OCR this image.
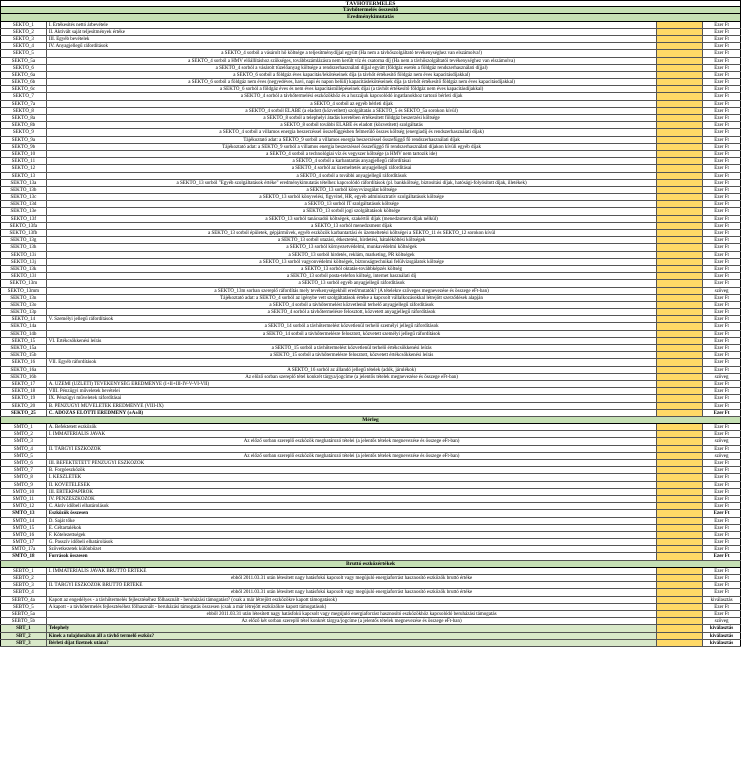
TÁVHŐTERMELÉS
Távhőtermelés összesítő
Eredménykimutatás
SEKTÓ_1	I. Értékesítés nettó árbevétele	Ezer Ft
SEKTÓ_2	II. Aktivált saját teljesítmények értéke	Ezer Ft
SEKTÓ_3	III. Egyéb bevételek	Ezer Ft
SEKTÓ_4	IV. Anyagjellegű ráfordítások	Ezer Ft
SEKTÓ_5	a SEKTÓ_4 sorból a vásárolt hő költsége a teljesítménydíjjal együtt (Ha nem a távhőszolgáltató tevékenységhez van elszámolva!)	Ezer Ft
SEKTÓ_5a	a SEKTÓ_4 sorból a HMV előállításhoz szükséges, továbbszámlázásra nem került víz és csatorna díj (Ha nem a távhőszolgáltatói tevékenységhez van elszámolva)	Ezer Ft
SEKTÓ_6	a SEKTÓ_4 sorból a vásárolt tüzelőanyag költsége a rendszerhasználati díjjal együtt (földgáz esetén a földgáz rendszerhasználati díjjal)	Ezer Ft
SEKTÓ_6a	a SEKTÓ_6 sorból a földgáz éves kapacitás/lekötéseinek díja (a távhőt értékesítő földgáz nem éves kapacitásdíjakkal)	Ezer Ft
SEKTÓ_6b	a SEKTÓ_6 sorból a földgáz nem éves (negyedéves, havi, napi és napon belüli) kapacitáslekötéseinek díja (a távhőt értékesítő földgáz nem éves kapacitásdíjakkal)	Ezer Ft
SEKTÓ_6c	a SEKTÓ_6 sorból a földgáz éves és nem éves kapacitástúllépéseinek díjai (a távhőt értékesítő földgáz nem éves kapacitásdíjakkal)	Ezer Ft
SEKTÓ_7	a SEKTÓ_4 sorból a távhőtermelési eszközökhöz és a hozzájuk kapcsolódó ingatlanokhoz tartozó bérleti díjak	Ezer Ft
SEKTÓ_7a	a SEKTÓ_4 sorból az egyéb bérleti díjak	Ezer Ft
SEKTÓ_8	a SEKTÓ_4 sorból ELÁBÉ (a eladott (közvetített) szolgáltatás a SEKTÓ_5 és SEKTÓ_5a sorokon kívül)	Ezer Ft
SEKTÓ_8a	a SEKTÓ_8 sorból a telephelyi átadás keretében értékesített földgáz beszerzési költsége	Ezer Ft
SEKTÓ_8b	a SEKTÓ_8 sorból további ELÁBÉ és eladott (közvetített) szolgáltatás	Ezer Ft
SEKTÓ_9	a SEKTÓ_4 sorból a villamos energia beszerzéssel összefüggésben felmerülő összes költség (energiadíj és rendszerhasználati díjak)	Ezer Ft
SEKTÓ_9a	Tájékoztató adat: a SEKTÓ_9 sorból a villamos energia beszerzéssel összefüggő fő rendszerhasználati díjak	Ezer Ft
SEKTÓ_9b	Tájékoztató adat: a SEKTÓ_9 sorból a villamos energia beszerzéssel összefüggő fő rendszerhasználati díjakon kívüli egyéb díjak	Ezer Ft
SEKTÓ_10	a SEKTÓ_4 sorból a technológiai víz és vegyszer költsége (a HMV nem tartozik ide)	Ezer Ft
SEKTÓ_11	a SEKTÓ_4 sorból a karbantartás anyagjellegű ráfordításai	Ezer Ft
SEKTÓ_12	a SEKTÓ_4 sorból az üzemeltetés anyagjellegű ráfordításai	Ezer Ft
SEKTÓ_13	a SEKTÓ_4 sorból a további anyagjellegű ráfordítások	Ezer Ft
SEKTÓ_13a	a SEKTÓ_13 sorból "Egyéb szolgáltatások értéke" eredménykimutatás tételhez kapcsolódó ráfordítások (pl. bankköltség, biztosítási díjak, hatósági-folyósított díjak, illetékek)	Ezer Ft
SEKTÓ_13b	a SEKTÓ_13 sorból könyvvizsgálat költsége	Ezer Ft
SEKTÓ_13c	a SEKTÓ_13 sorból könyvelési, figyvitel, HR, egyéb adminisztratív szolgáltatások költsége	Ezer Ft
SEKTÓ_13d	a SEKTÓ_13 sorból IT szolgáltatások költsége	Ezer Ft
SEKTÓ_13e	a SEKTÓ_13 sorból jogi szolgáltatások költsége	Ezer Ft
SEKTÓ_13f	a SEKTÓ_13 sorból tanácsadói költségek, szakértői díjak (menedzsment díjak nélkül)	Ezer Ft
SEKTÓ_13fa	a SEKTÓ_13 sorból menedzsment díjak	Ezer Ft
SEKTÓ_13fb	a SEKTÓ_13 sorból épületek, gépjárművek, egyéb eszközök karbantartási és üzemeltetési költségei a SEKTÓ_11 és SEKTÓ_12 sorokon kívül	Ezer Ft
SEKTÓ_13g	a SEKTÓ_13 sorból utazási, étkeztetési, hirdetési, hátaléköltési költségek	Ezer Ft
SEKTÓ_13h	a SEKTÓ_13 sorból környezetvédelmi, munkavédelmi költségek	Ezer Ft
SEKTÓ_13i	a SEKTÓ_13 sorból hirdetés, reklám, marketing, PR költségek	Ezer Ft
SEKTÓ_13j	a SEKTÓ_13 sorból vagyonvédelmi költségek, biztonságtechnikai felülvizsgálatok költsége	Ezer Ft
SEKTÓ_13k	a SEKTÓ_13 sorból oktatás-továbbképzés költség	Ezer Ft
SEKTÓ_13l	a SEKTÓ_13 sorból posta-telefon költség, internet használati díj	Ezer Ft
SEKTÓ_13m	a SEKTÓ_13 sorból egyéb anyagjellegű ráfordítások	Ezer Ft
SEKTÓ_13mm	a SEKTÓ_13m sorban szereplő ráfordítás mely tevékenységekhől ered/mutatók? (A tételekre szöveges megnevezése és összege eFt-ban)	szöveg
SEKTÓ_13n	Tájékoztató adat: a SEKTÓ_4 sorból az igénybe vett szolgáltatások értéke a kapcsolt vállalkozásokkal létrejött szerződések alapján	Ezer Ft
SEKTÓ_13o	a SEKTÓ_4 sorból a távhőtermelést közvetlenül terhelő anyagjellegű ráfordítások	Ezer Ft
SEKTÓ_13p	a SEKTÓ_4 sorból a távhőtermelésre felosztott, közvetett anyagjellegű ráfordítások	Ezer Ft
SEKTÓ_14	V. Személyi jellegű ráfordítások	Ezer Ft
SEKTÓ_14a	a SEKTÓ_14 sorból a távhőtermelést közvetlenül terhelő személyi jellegű ráfordítások	Ezer Ft
SEKTÓ_14b	a SEKTÓ_14 sorból a távhőtermelésre felosztott, közvetett személyi jellegű ráfordítások	Ezer Ft
SEKTÓ_15	VI. Értékcsökkenési leírás	Ezer Ft
SEKTÓ_15a	a SEKTÓ_15 sorból a távhőtermelést közvetlenül terhelő értékcsökkenési leírás	Ezer Ft
SEKTÓ_15b	a SEKTÓ_15 sorból a távhőtermelésre felosztott, közvetett értékcsökkenési leírás	Ezer Ft
SEKTÓ_16	VII. Egyéb ráfordítások	Ezer Ft
SEKTÓ_16a	A SEKTÓ_16 sorból az állandó jellegű tételek (adók, járulékok)	Ezer Ft
SEKTÓ_16b	Az előző sorban szereplő tétel konkrét tárgya/jogcíme (a jelentős tételek megnevezése és összege eFt-ban)	szöveg
SEKTÓ_17	A. ÜZEMI (ÜZLETI) TEVÉKENYSÉG EREDMÉNYE (I+II+III-IV-V-VI-VII)	Ezer Ft
SEKTÓ_18	VIII. Pénzügyi műveletek bevételei	Ezer Ft
SEKTÓ_19	IX. Pénzügyi műveletek ráfordításai	Ezer Ft
SEKTÓ_20	B. PÉNZÜGYI MŰVELETEK EREDMÉNYE (VIII-IX)	Ezer Ft
SEKTÓ_25	C. ADÓZÁS ELŐTTI EREDMÉNY (±A±B)	Ezer Ft
Mérleg
SMTÓ_1	A. Befektetett eszközök	Ezer Ft
SMTÓ_2	I. IMMATERIÁLIS JAVAK	Ezer Ft
SMTÓ_3	Az előző sorban szereplő eszközök meghatározó tételei (a jelentős tételek megnevezése és összege eFt-ban)	szöveg
SMTÓ_4	II. TÁRGYI ESZKÖZÖK	Ezer Ft
SMTÓ_5	Az előző sorban szereplő eszközök meghatározó tételei (a jelentős tételek megnevezése és összege eFt-ban)	szöveg
SMTÓ_6	III. BEFEKTETETT PÉNZÜGYI ESZKÖZÖK	Ezer Ft
SMTÓ_7	B. Forgóeszközök	Ezer Ft
SMTÓ_8	I. KÉSZLETEK	Ezer Ft
SMTÓ_9	II. KÖVETELÉSEK	Ezer Ft
SMTÓ_10	III. ÉRTÉKPAPÍROK	Ezer Ft
SMTÓ_11	IV. PÉNZESZKÖZÖK	Ezer Ft
SMTÓ_12	C. Aktív időbeli elhatárolások	Ezer Ft
SMTÓ_13	Eszközök összesen	Ezer Ft
SMTÓ_14	D. Saját tőke	Ezer Ft
SMTÓ_15	E. Céltartalékok	Ezer Ft
SMTÓ_16	F. Kötelezettségek	Ezer Ft
SMTÓ_17	G. Passzív időbeli elhatárolások	Ezer Ft
SMTÓ_17a	Szövetkezetek különbözet	Ezer Ft
SMTÓ_18	Források összesen	Ezer Ft
Bruttó eszközértékek
SEBTÓ_1	I. IMMATERIÁLIS JAVAK BRUTTÓ ÉRTÉKE	Ezer Ft
SEBTÓ_2	ebből 2011.03.31 után létesített nagy hatásfokú kapcsolt vagy megújuló energiaforrást hasznosító eszközök bruttó értéke	Ezer Ft
SEBTÓ_3	II. TÁRGYI ESZKÖZÖK BRUTTÓ ÉRTÉKE	Ezer Ft
SEBTÓ_4	ebből 2011.03.31 után létesített nagy hatásfokú kapcsolt vagy megújuló energiaforrást hasznosító eszközök bruttó értéke	Ezer Ft
SEBTÓ_4a	Kapott az engedélyes - a távhőtermelés fejlesztéséhez fölhasznált - beruházási támogatást? (csak a már létrejött eszközökre kapott támogatások)	kiválasztás
SEBTÓ_5	A kapott - a távhőtermelés fejlesztéséhez fölhasznált - beruházási támogatás összesen (csak a már létrejött eszközökre kapott támogatások)	Ezer Ft
SEBTÓ_5a	ebből 2011.03.31 után létesített nagy hatásfokú kapcsolt vagy megújuló energiaforrást hasznosító eszközökhöz kapcsolódó beruházási támogatás	Ezer Ft
SEBTÓ_5b	Az előző két sorban szereplő tétel konkrét tárgya/jogcíme (a jelentős tételek megnevezése és összege eFt-ban)	szöveg
SBT_1	Telephely	kiválasztás
SBT_2	Kinek a tulajdonában áll a távhő termelő eszköz?	kiválasztás
SBT_3	Bérleti díjat fizetnek utána?	kiválasztás
